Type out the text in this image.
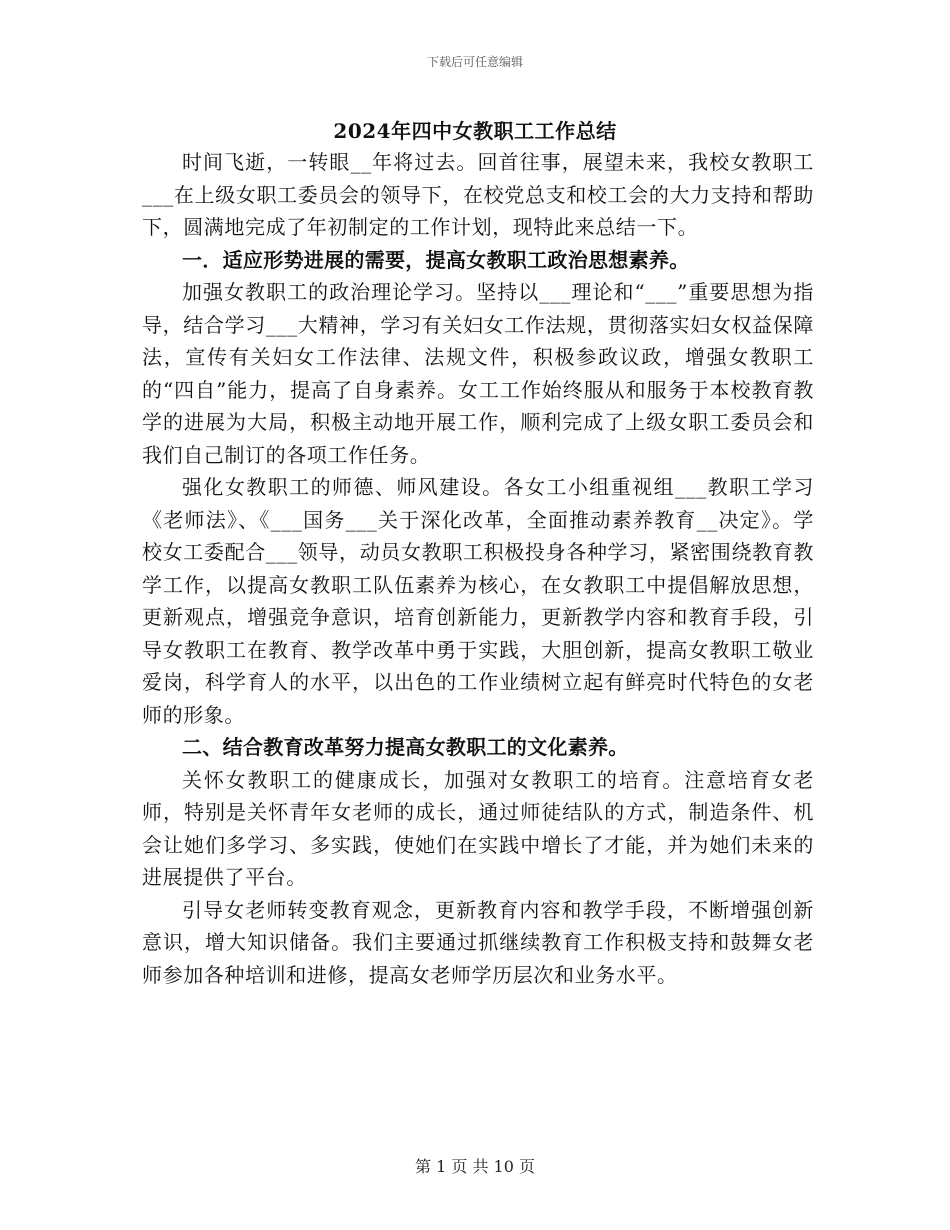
下载后可任意编辑
2024年四中女教职工工作总结

时间飞逝，一转眼__年将过去。回首往事，展望未来，我校女教职工___在上级女职工委员会的领导下，在校党总支和校工会的大力支持和帮助下，圆满地完成了年初制定的工作计划，现特此来总结一下。

一．适应形势进展的需要，提高女教职工政治思想素养。

加强女教职工的政治理论学习。坚持以___理论和“___”重要思想为指导，结合学习___大精神，学习有关妇女工作法规，贯彻落实妇女权益保障法，宣传有关妇女工作法律、法规文件，积极参政议政，增强女教职工的“四自”能力，提高了自身素养。女工工作始终服从和服务于本校教育教学的进展为大局，积极主动地开展工作，顺利完成了上级女职工委员会和我们自己制订的各项工作任务。

强化女教职工的师德、师风建设。各女工小组重视组___教职工学习《老师法》、《___国务___关于深化改革，全面推动素养教育__决定》。学校女工委配合___领导，动员女教职工积极投身各种学习，紧密围绕教育教学工作，以提高女教职工队伍素养为核心，在女教职工中提倡解放思想，更新观点，增强竞争意识，培育创新能力，更新教学内容和教育手段，引导女教职工在教育、教学改革中勇于实践，大胆创新，提高女教职工敬业爱岗，科学育人的水平，以出色的工作业绩树立起有鲜亮时代特色的女老师的形象。

二、结合教育改革努力提高女教职工的文化素养。

关怀女教职工的健康成长，加强对女教职工的培育。注意培育女老师，特别是关怀青年女老师的成长，通过师徒结队的方式，制造条件、机会让她们多学习、多实践，使她们在实践中增长了才能，并为她们未来的进展提供了平台。

引导女老师转变教育观念，更新教育内容和教学手段，不断增强创新意识，增大知识储备。我们主要通过抓继续教育工作积极支持和鼓舞女老师参加各种培训和进修，提高女老师学历层次和业务水平。

第 1 页 共 10 页
